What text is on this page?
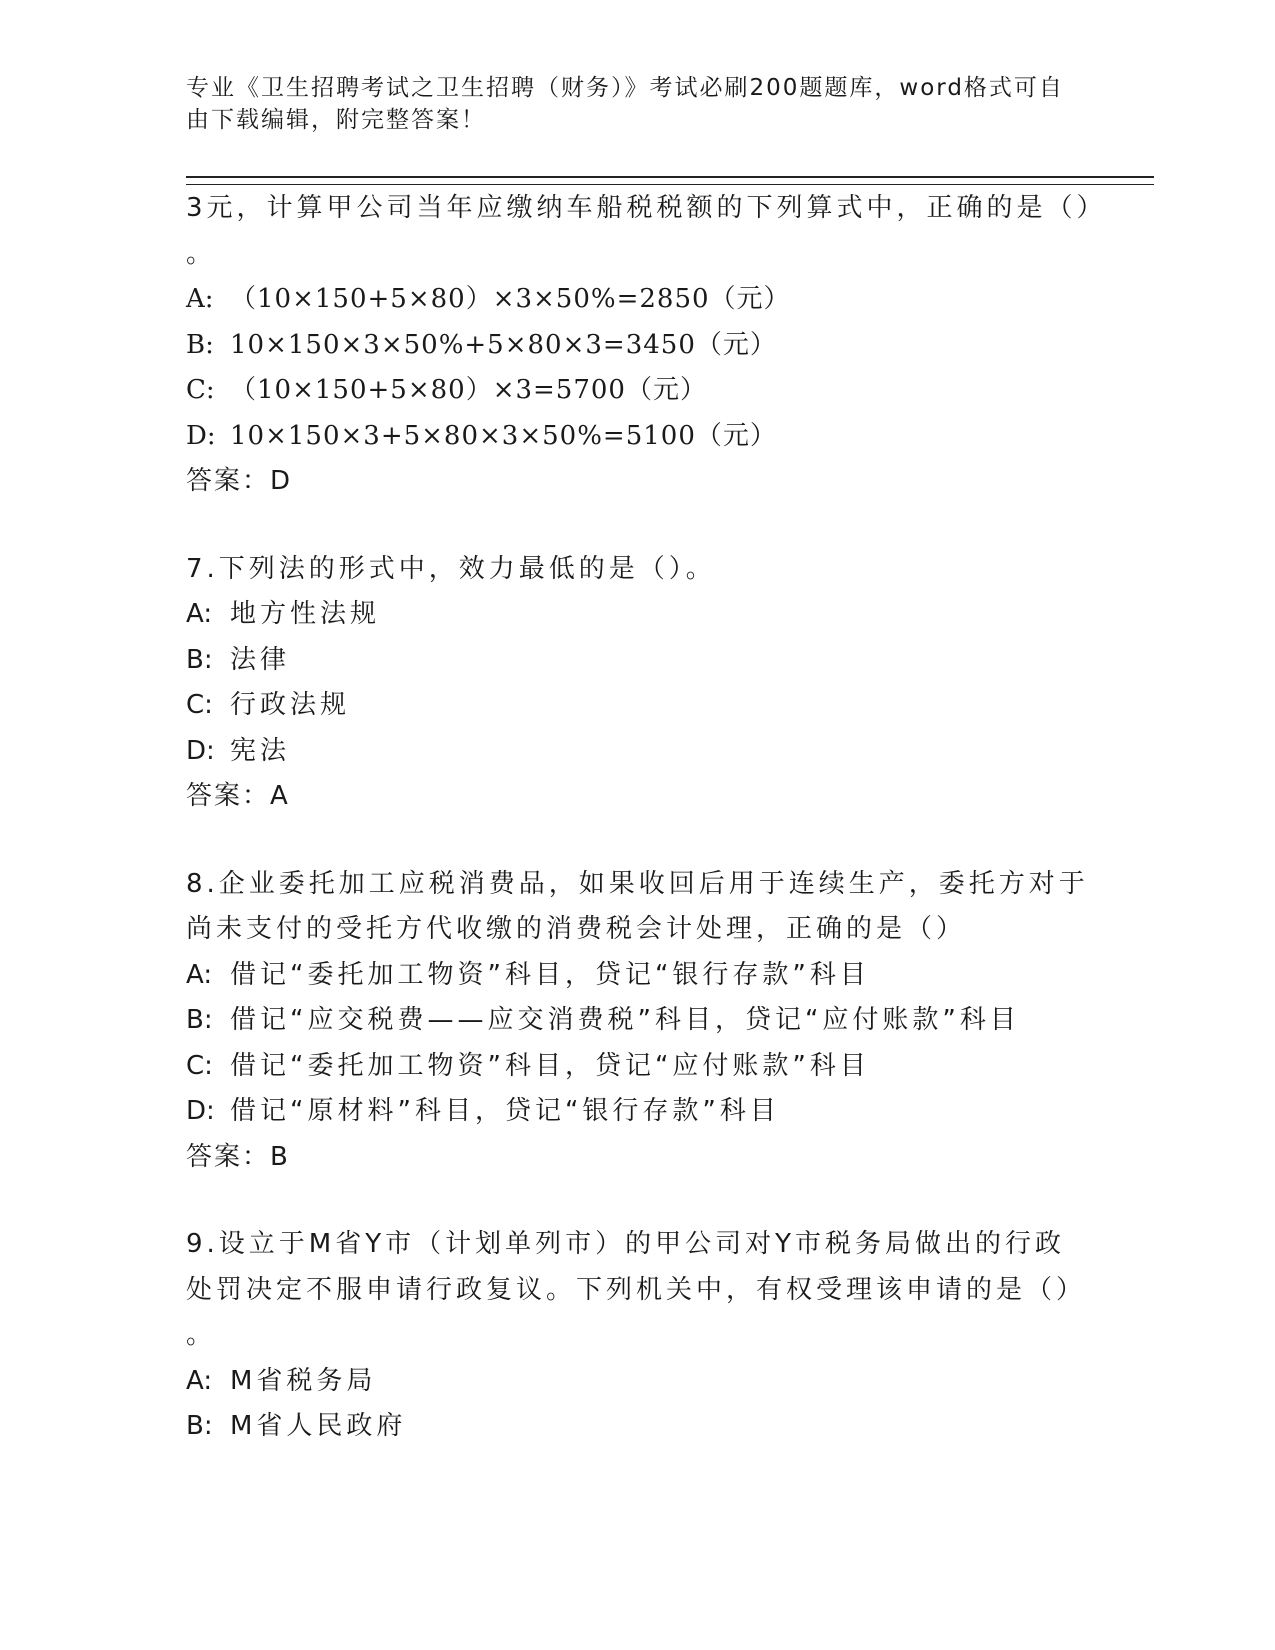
专业《卫生招聘考试之卫生招聘（财务）》考试必刷200题题库，word格式可自
由下载编辑，附完整答案！
3元，计算甲公司当年应缴纳车船税税额的下列算式中，正确的是（）
。
A: （10×150+5×80）×3×50%=2850（元）
B: 10×150×3×50%+5×80×3=3450（元）
C: （10×150+5×80）×3=5700（元）
D: 10×150×3+5×80×3×50%=5100（元）
答案：D
7.下列法的形式中，效力最低的是（）。
A: 地方性法规
B: 法律
C: 行政法规
D: 宪法
答案：A
8.企业委托加工应税消费品，如果收回后用于连续生产，委托方对于
尚未支付的受托方代收缴的消费税会计处理，正确的是（）
A: 借记“委托加工物资”科目，贷记“银行存款”科目
B: 借记“应交税费——应交消费税”科目，贷记“应付账款”科目
C: 借记“委托加工物资”科目，贷记“应付账款”科目
D: 借记“原材料”科目，贷记“银行存款”科目
答案：B
9.设立于M省Y市（计划单列市）的甲公司对Y市税务局做出的行政
处罚决定不服申请行政复议。下列机关中，有权受理该申请的是（）
。
A: M省税务局
B: M省人民政府
